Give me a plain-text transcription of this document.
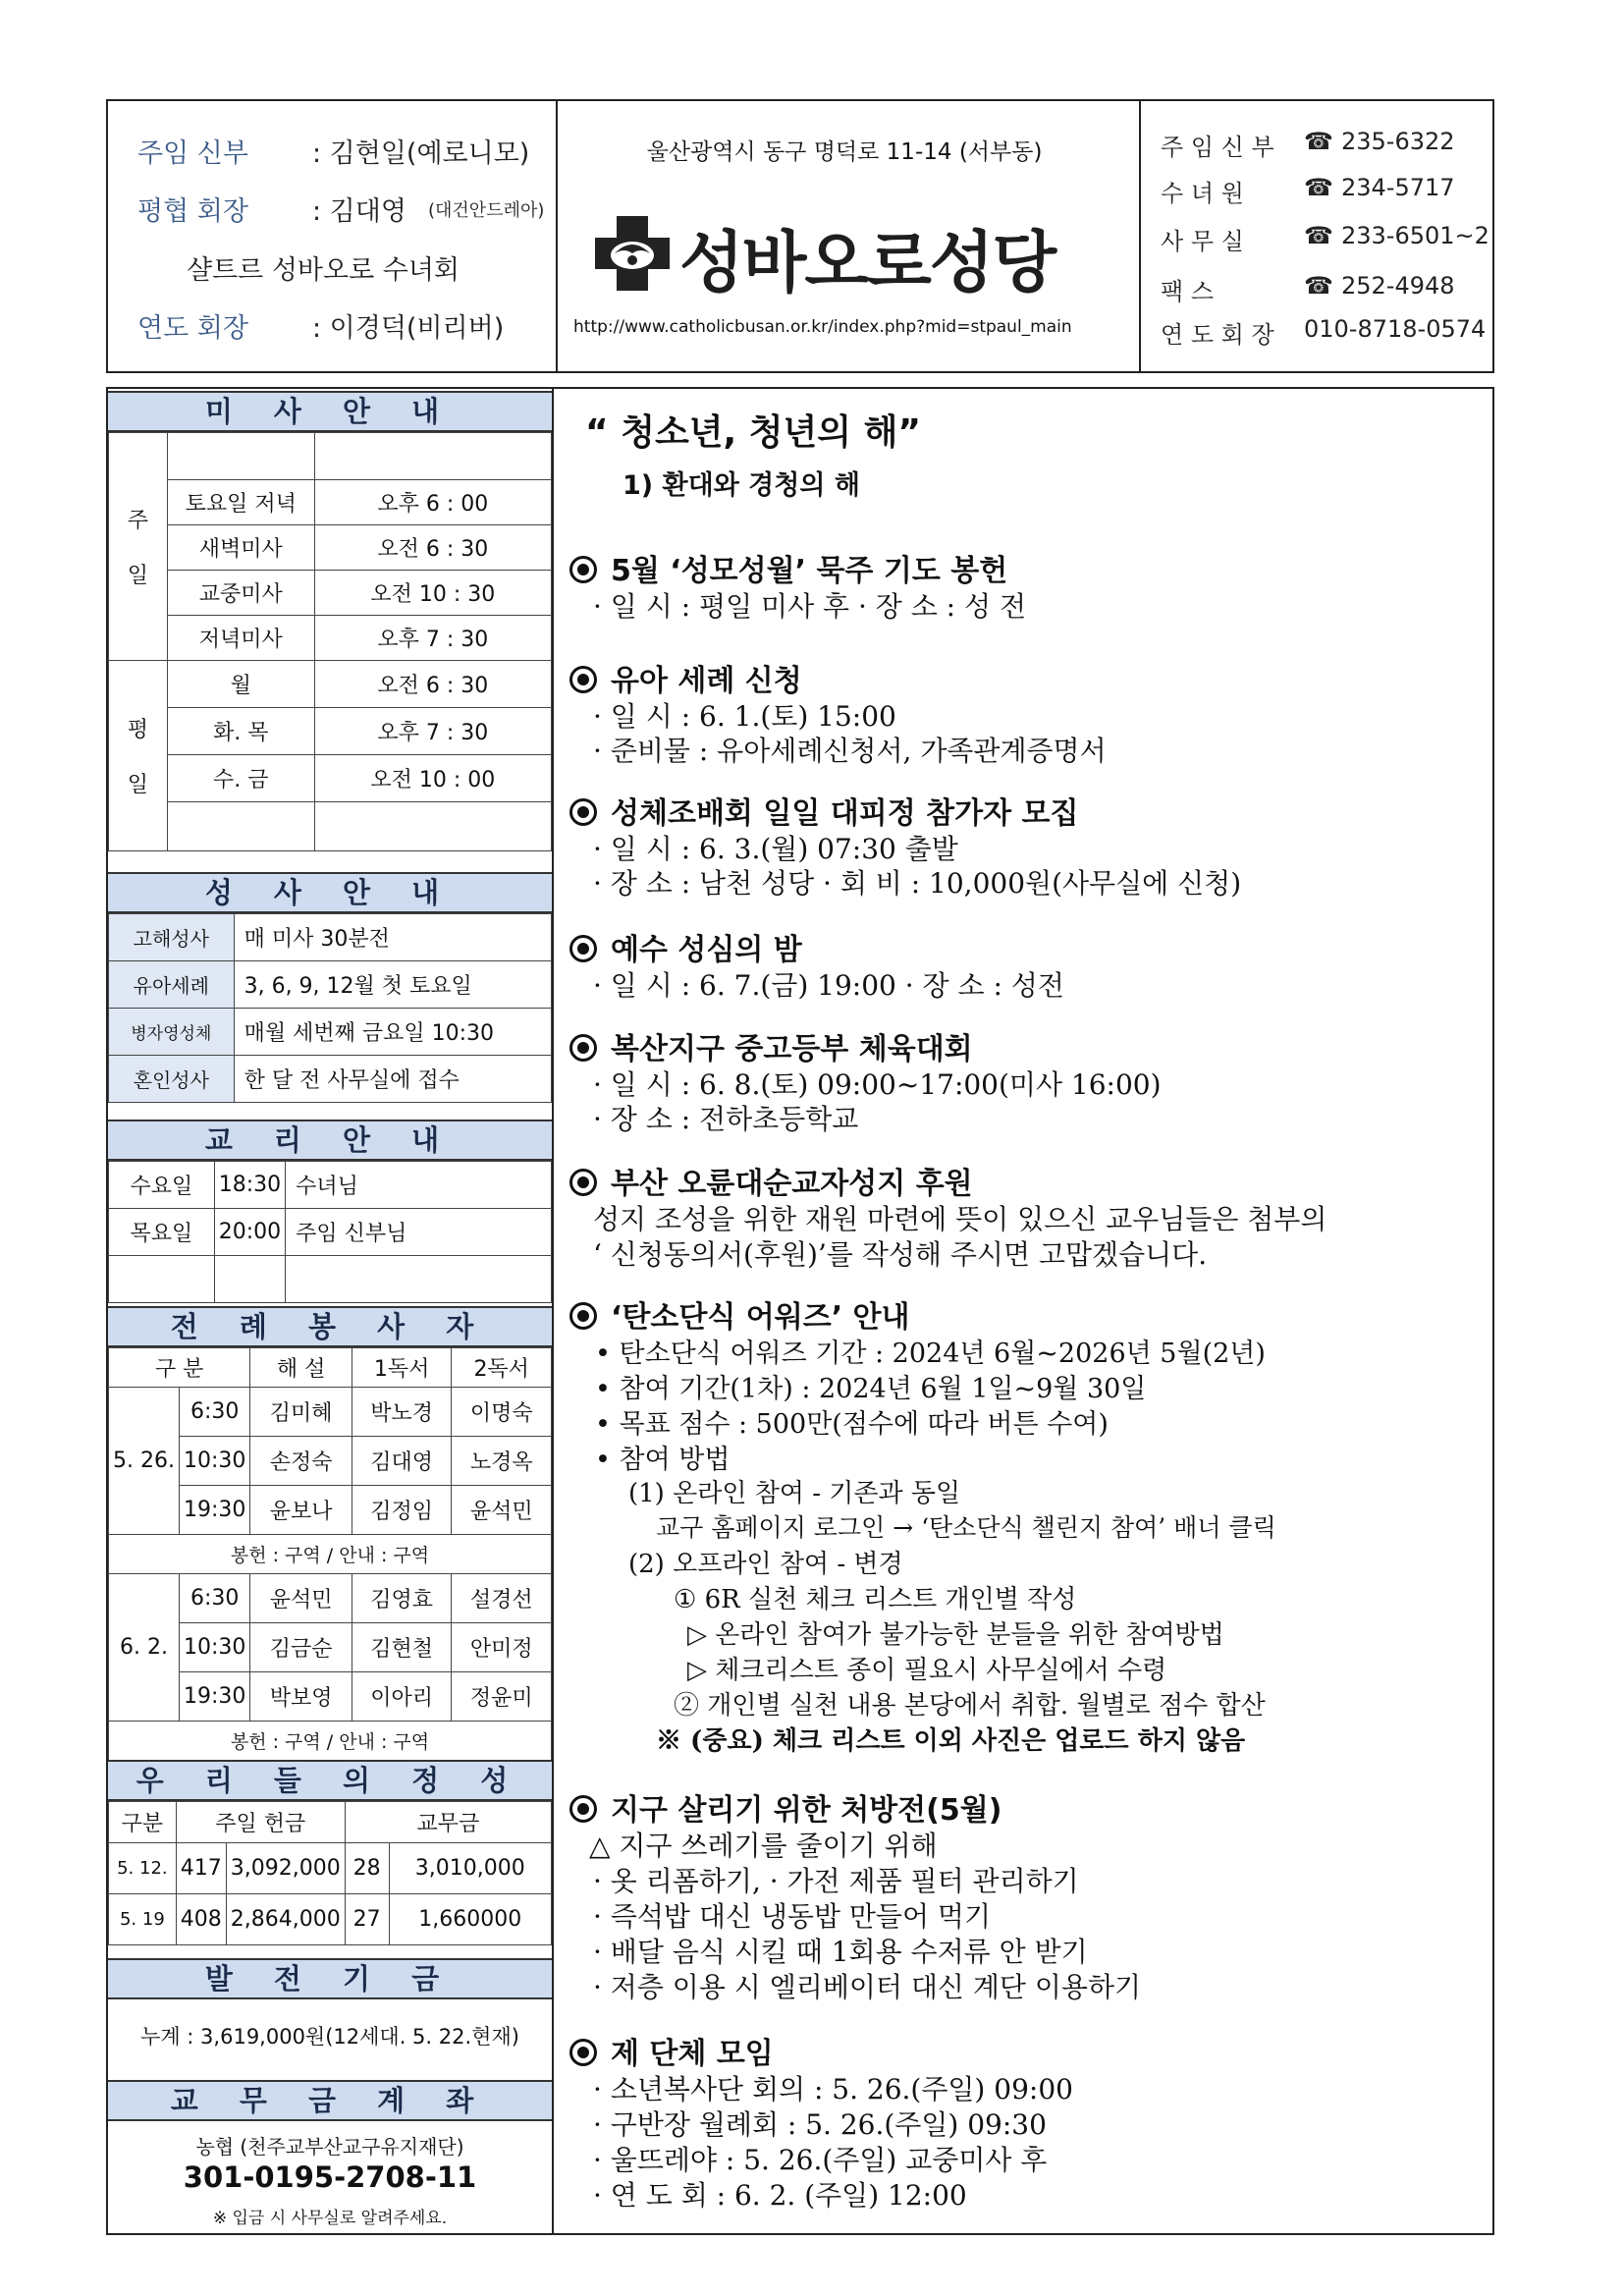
주임 신부 : 김현일(예로니모)
평협 회장 : 김대영 (대건안드레아)
샬트르 성바오로 수녀회
연도 회장 : 이경덕(비리버)
울산광역시 동구 명덕로 11-14 (서부동)
성바오로성당
http://www.catholicbusan.or.kr/index.php?mid=stpaul_main
주 임 신 부 ☎ 235-6322
수 녀 원	☎ 234-5717
사 무 실	☎ 233-6501~2
팩 스	☎ 252-4948
연 도 회 장 010-8718-0574
미 사 안 내
주

일		
	토요일 저녁	오후 6 : 00
	새벽미사	오전 6 : 30
	교중미사	오전 10 : 30
	저녁미사	오후 7 : 30
평

일	월	오전 6 : 30
	화. 목	오후 7 : 30
	수. 금	오전 10 : 00

성 사 안 내
고해성사	매 미사 30분전
유아세례	3, 6, 9, 12월 첫 토요일
병자영성체	매월 세번째 금요일 10:30
혼인성사	한 달 전 사무실에 접수
교 리 안 내
수요일	18:30	수녀님
목요일	20:00	주임 신부님

전 례 봉 사 자
구 분		해 설	1독서	2독서
5. 26.	6:30	김미혜	박노경	이명숙
	10:30	손정숙	김대영	노경옥
	19:30	윤보나	김정임	윤석민
봉헌 : 구역 / 안내 : 구역				
6. 2.	6:30	윤석민	김영효	설경선
	10:30	김금순	김현철	안미정
	19:30	박보영	이아리	정윤미
봉헌 : 구역 / 안내 : 구역				
우 리 들 의 정 성
구분	주일 헌금		교무금	
5. 12.	417	3,092,000	28	3,010,000
5. 19	408	2,864,000	27	1,660000
발 전 기 금
누계 : 3,619,000원(12세대. 5. 22.현재)
교 무 금 계 좌
농협 (천주교부산교구유지재단)
301-0195-2708-11
※ 입금 시 사무실로 알려주세요.
“ 청소년, 청년의 해”
1) 환대와 경청의 해
5월 ‘성모성월’ 묵주 기도 봉헌
· 일 시 : 평일 미사 후 · 장 소 : 성 전
유아 세례 신청
· 일 시 : 6. 1.(토) 15:00
· 준비물 : 유아세례신청서, 가족관계증명서
성체조배회 일일 대피정 참가자 모집
· 일 시 : 6. 3.(월) 07:30 출발
· 장 소 : 남천 성당 · 회 비 : 10,000원(사무실에 신청)
예수 성심의 밤
· 일 시 : 6. 7.(금) 19:00 · 장 소 : 성전
복산지구 중고등부 체육대회
· 일 시 : 6. 8.(토) 09:00~17:00(미사 16:00)
· 장 소 : 전하초등학교
부산 오륜대순교자성지 후원
성지 조성을 위한 재원 마련에 뜻이 있으신 교우님들은 첨부의
‘ 신청동의서(후원)’를 작성해 주시면 고맙겠습니다.
‘탄소단식 어워즈’ 안내
• 탄소단식 어워즈 기간 : 2024년 6월~2026년 5월(2년)
• 참여 기간(1차) : 2024년 6월 1일~9월 30일
• 목표 점수 : 500만(점수에 따라 버튼 수여)
• 참여 방법
(1) 온라인 참여 - 기존과 동일
교구 홈페이지 로그인 → ‘탄소단식 챌린지 참여’ 배너 클릭
(2) 오프라인 참여 - 변경
① 6R 실천 체크 리스트 개인별 작성
▷ 온라인 참여가 불가능한 분들을 위한 참여방법
▷ 체크리스트 종이 필요시 사무실에서 수령
② 개인별 실천 내용 본당에서 취합. 월별로 점수 합산
※ (중요) 체크 리스트 이외 사진은 업로드 하지 않음
지구 살리기 위한 처방전(5월)
△ 지구 쓰레기를 줄이기 위해
· 옷 리폼하기, · 가전 제품 필터 관리하기
· 즉석밥 대신 냉동밥 만들어 먹기
· 배달 음식 시킬 때 1회용 수저류 안 받기
· 저층 이용 시 엘리베이터 대신 계단 이용하기
제 단체 모임
· 소년복사단 회의 : 5. 26.(주일) 09:00
· 구반장 월례회 : 5. 26.(주일) 09:30
· 울뜨레야 : 5. 26.(주일) 교중미사 후
· 연 도 회 : 6. 2. (주일) 12:00
